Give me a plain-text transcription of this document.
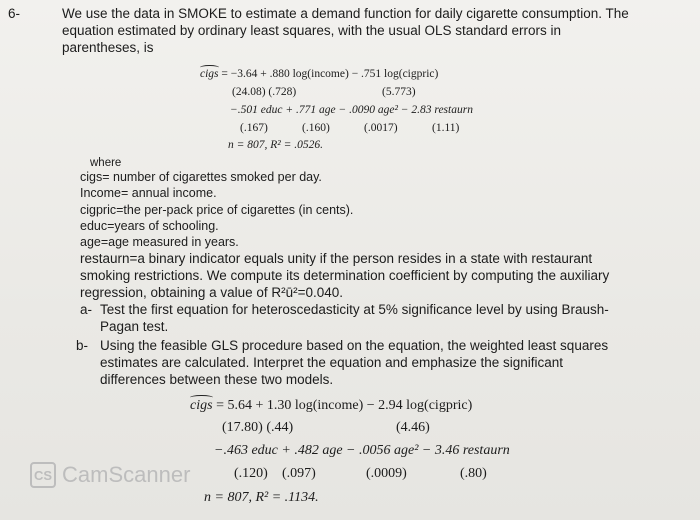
6-	We use the data in SMOKE to estimate a demand function for daily cigarette consumption. The
equation estimated by ordinary least squares, with the usual OLS standard errors in
parentheses, is
cigs = −3.64 + .880 log(income) − .751 log(cigpric)
(24.08) (.728)	(5.773)
−.501 educ + .771 age − .0090 age² − 2.83 restaurn
(.167)	(.160)	(.0017)	(1.11)
n = 807, R² = .0526.
where
cigs= number of cigarettes smoked per day.
Income= annual income.
cigpric=the per-pack price of cigarettes (in cents).
educ=years of schooling.
age=age measured in years.
restaurn=a binary indicator equals unity if the person resides in a state with restaurant
smoking restrictions. We compute its determination coefficient by computing the auxiliary
regression, obtaining a value of R²ū²=0.040.
a- Test the first equation for heteroscedasticity at 5% significance level by using Braush-
Pagan test.
b- Using the feasible GLS procedure based on the equation, the weighted least squares
estimates are calculated. Interpret the equation and emphasize the significant
differences between these two models.
cigs = 5.64 + 1.30 log(income) − 2.94 log(cigpric)
(17.80) (.44)	(4.46)
−.463 educ + .482 age − .0056 age² − 3.46 restaurn
(.120) (.097)	(.0009)	(.80)
n = 807, R² = .1134.
CS CamScanner
